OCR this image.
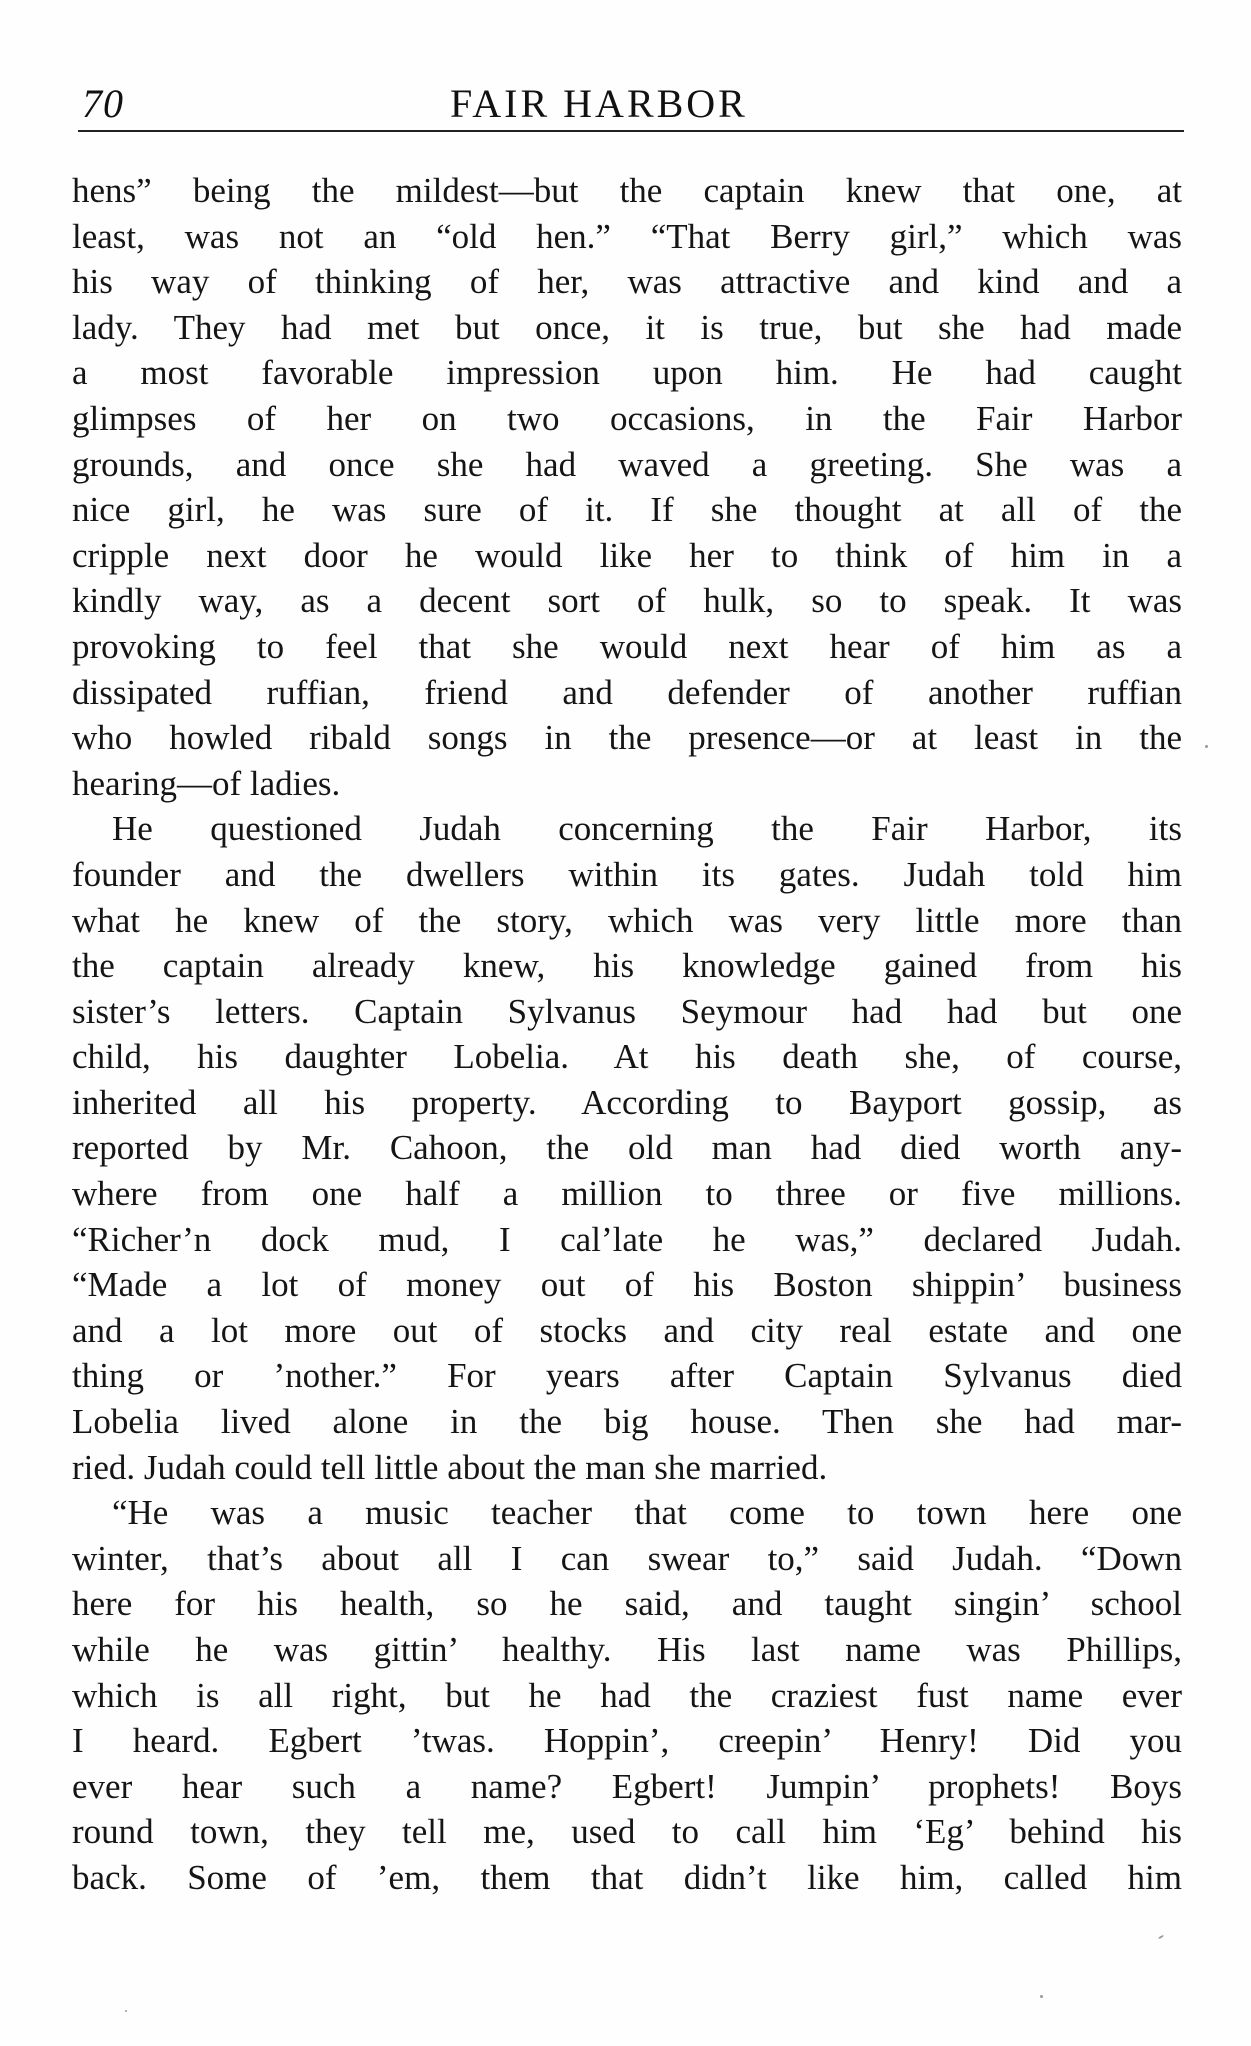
70	FAIR HARBOR
hens” being the mildest—but the captain knew that one, at
least, was not an “old hen.” “That Berry girl,” which was
his way of thinking of her, was attractive and kind and a
lady. They had met but once, it is true, but she had made
a most favorable impression upon him. He had caught
glimpses of her on two occasions, in the Fair Harbor
grounds, and once she had waved a greeting. She was a
nice girl, he was sure of it. If she thought at all of the
cripple next door he would like her to think of him in a
kindly way, as a decent sort of hulk, so to speak. It was
provoking to feel that she would next hear of him as a
dissipated ruffian, friend and defender of another ruffian
who howled ribald songs in the presence—or at least in the
hearing—of ladies.
He questioned Judah concerning the Fair Harbor, its
founder and the dwellers within its gates. Judah told him
what he knew of the story, which was very little more than
the captain already knew, his knowledge gained from his
sister’s letters. Captain Sylvanus Seymour had had but one
child, his daughter Lobelia. At his death she, of course,
inherited all his property. According to Bayport gossip, as
reported by Mr. Cahoon, the old man had died worth any-
where from one half a million to three or five millions.
“Richer’n dock mud, I cal’late he was,” declared Judah.
“Made a lot of money out of his Boston shippin’ business
and a lot more out of stocks and city real estate and one
thing or ’nother.” For years after Captain Sylvanus died
Lobelia lived alone in the big house. Then she had mar-
ried. Judah could tell little about the man she married.
“He was a music teacher that come to town here one
winter, that’s about all I can swear to,” said Judah. “Down
here for his health, so he said, and taught singin’ school
while he was gittin’ healthy. His last name was Phillips,
which is all right, but he had the craziest fust name ever
I heard. Egbert ’twas. Hoppin’, creepin’ Henry! Did you
ever hear such a name? Egbert! Jumpin’ prophets! Boys
round town, they tell me, used to call him ‘Eg’ behind his
back. Some of ’em, them that didn’t like him, called him
